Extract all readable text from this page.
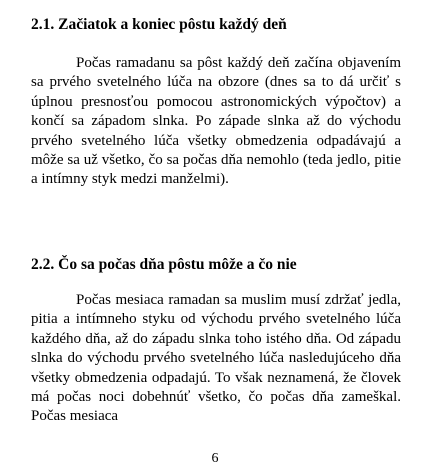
2.1. Začiatok a koniec pôstu každý deň

Počas ramadanu sa pôst každý deň začína objavením sa prvého svetelného lúča na obzore (dnes sa to dá určiť s úplnou presnosťou pomocou astronomických výpočtov) a končí sa západom slnka. Po západe slnka až do východu prvého svetelného lúča všetky obmedzenia odpadávajú a môže sa už všetko, čo sa počas dňa nemohlo (teda jedlo, pitie a intímny styk medzi manželmi).

2.2. Čo sa počas dňa pôstu môže a čo nie

Počas mesiaca ramadan sa muslim musí zdržať jedla, pitia a intímneho styku od východu prvého svetelného lúča každého dňa, až do západu slnka toho istého dňa. Od západu slnka do východu prvého svetelného lúča nasledujúceho dňa všetky obmedzenia odpadajú. To však neznamená, že človek má počas noci dobehnúť všetko, čo počas dňa zameškal. Počas mesiaca

6
